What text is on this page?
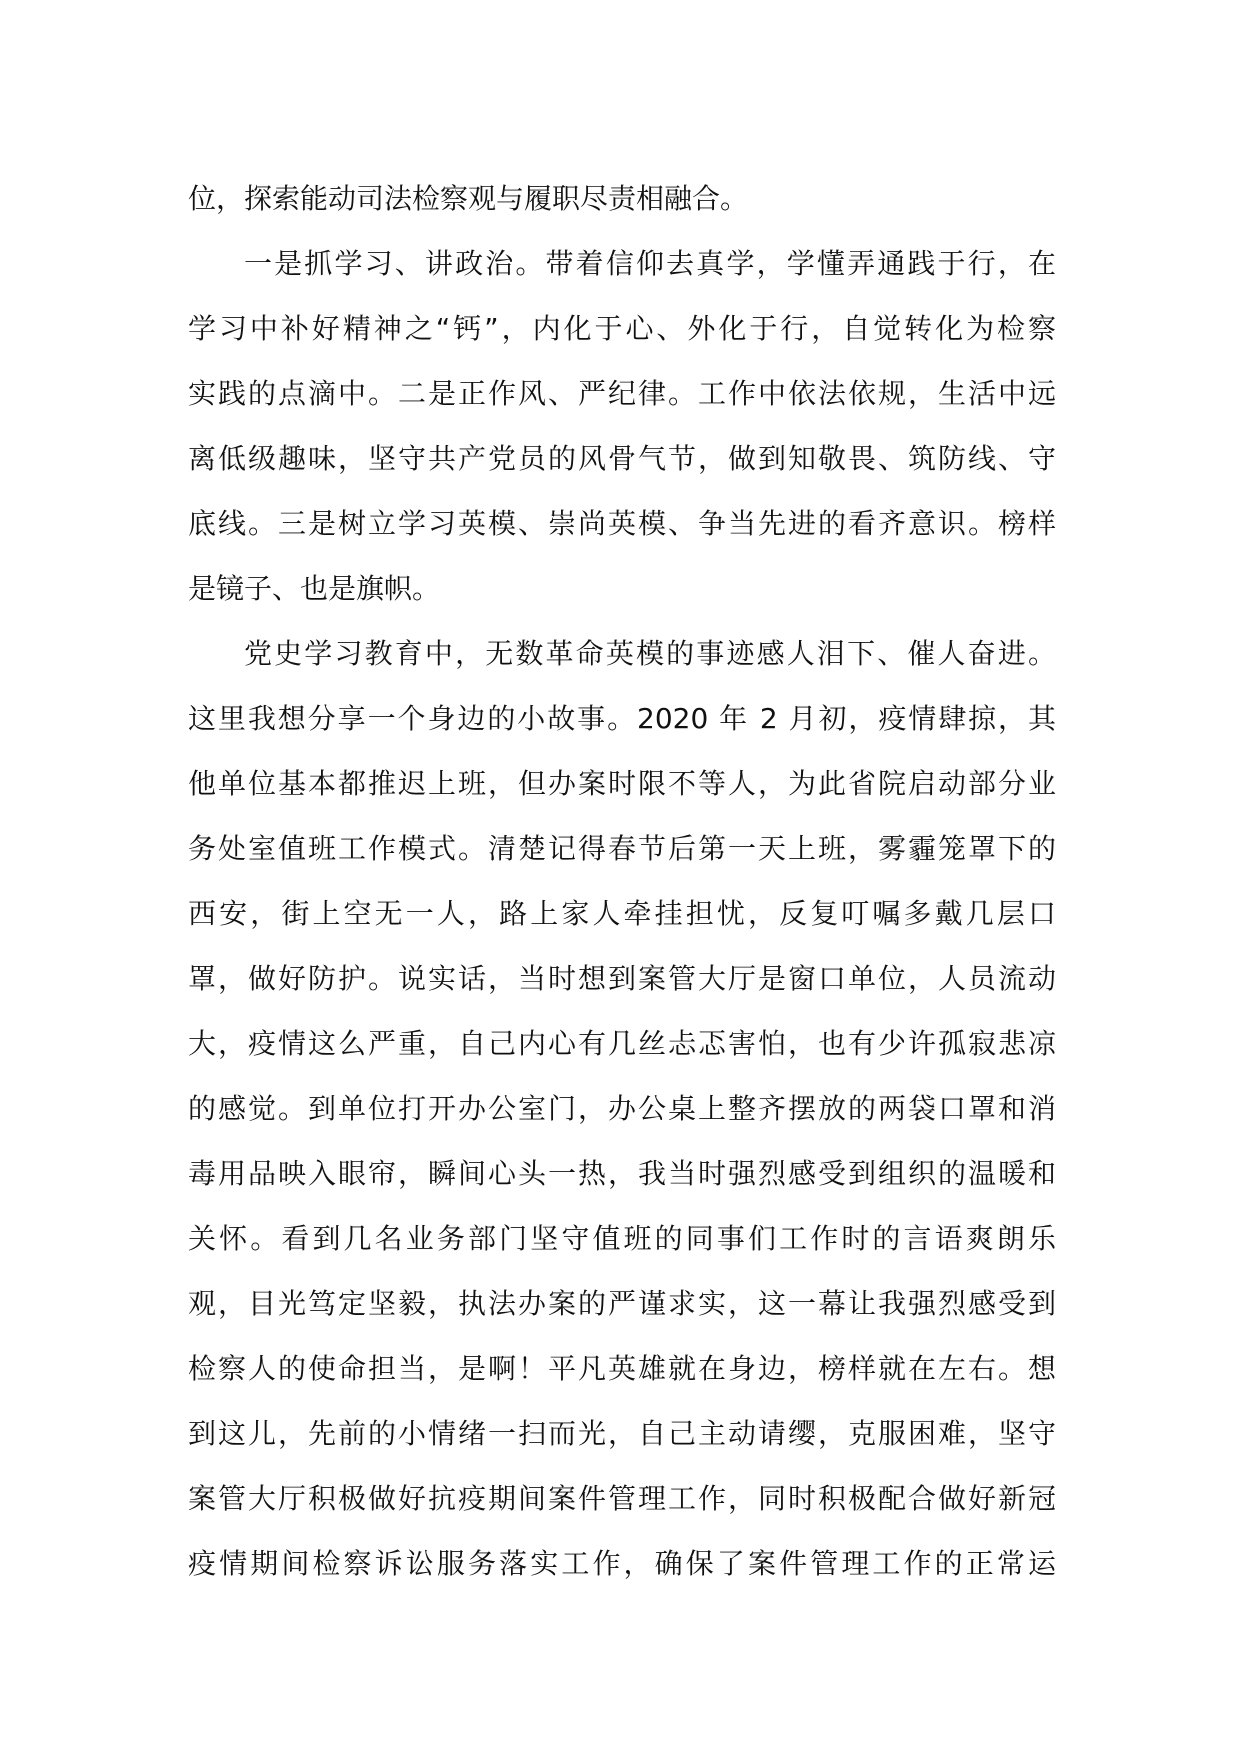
位，探索能动司法检察观与履职尽责相融合。
一是抓学习、讲政治。带着信仰去真学，学懂弄通践于行，在
学习中补好精神之“钙”，内化于心、外化于行，自觉转化为检察
实践的点滴中。二是正作风、严纪律。工作中依法依规，生活中远
离低级趣味，坚守共产党员的风骨气节，做到知敬畏、筑防线、守
底线。三是树立学习英模、崇尚英模、争当先进的看齐意识。榜样
是镜子、也是旗帜。
党史学习教育中，无数革命英模的事迹感人泪下、催人奋进。
这里我想分享一个身边的小故事。2020 年 2 月初，疫情肆掠，其
他单位基本都推迟上班，但办案时限不等人，为此省院启动部分业
务处室值班工作模式。清楚记得春节后第一天上班，雾霾笼罩下的
西安，街上空无一人，路上家人牵挂担忧，反复叮嘱多戴几层口
罩，做好防护。说实话，当时想到案管大厅是窗口单位，人员流动
大，疫情这么严重，自己内心有几丝忐忑害怕，也有少许孤寂悲凉
的感觉。到单位打开办公室门，办公桌上整齐摆放的两袋口罩和消
毒用品映入眼帘，瞬间心头一热，我当时强烈感受到组织的温暖和
关怀。看到几名业务部门坚守值班的同事们工作时的言语爽朗乐
观，目光笃定坚毅，执法办案的严谨求实，这一幕让我强烈感受到
检察人的使命担当，是啊！平凡英雄就在身边，榜样就在左右。想
到这儿，先前的小情绪一扫而光，自己主动请缨，克服困难，坚守
案管大厅积极做好抗疫期间案件管理工作，同时积极配合做好新冠
疫情期间检察诉讼服务落实工作，确保了案件管理工作的正常运
